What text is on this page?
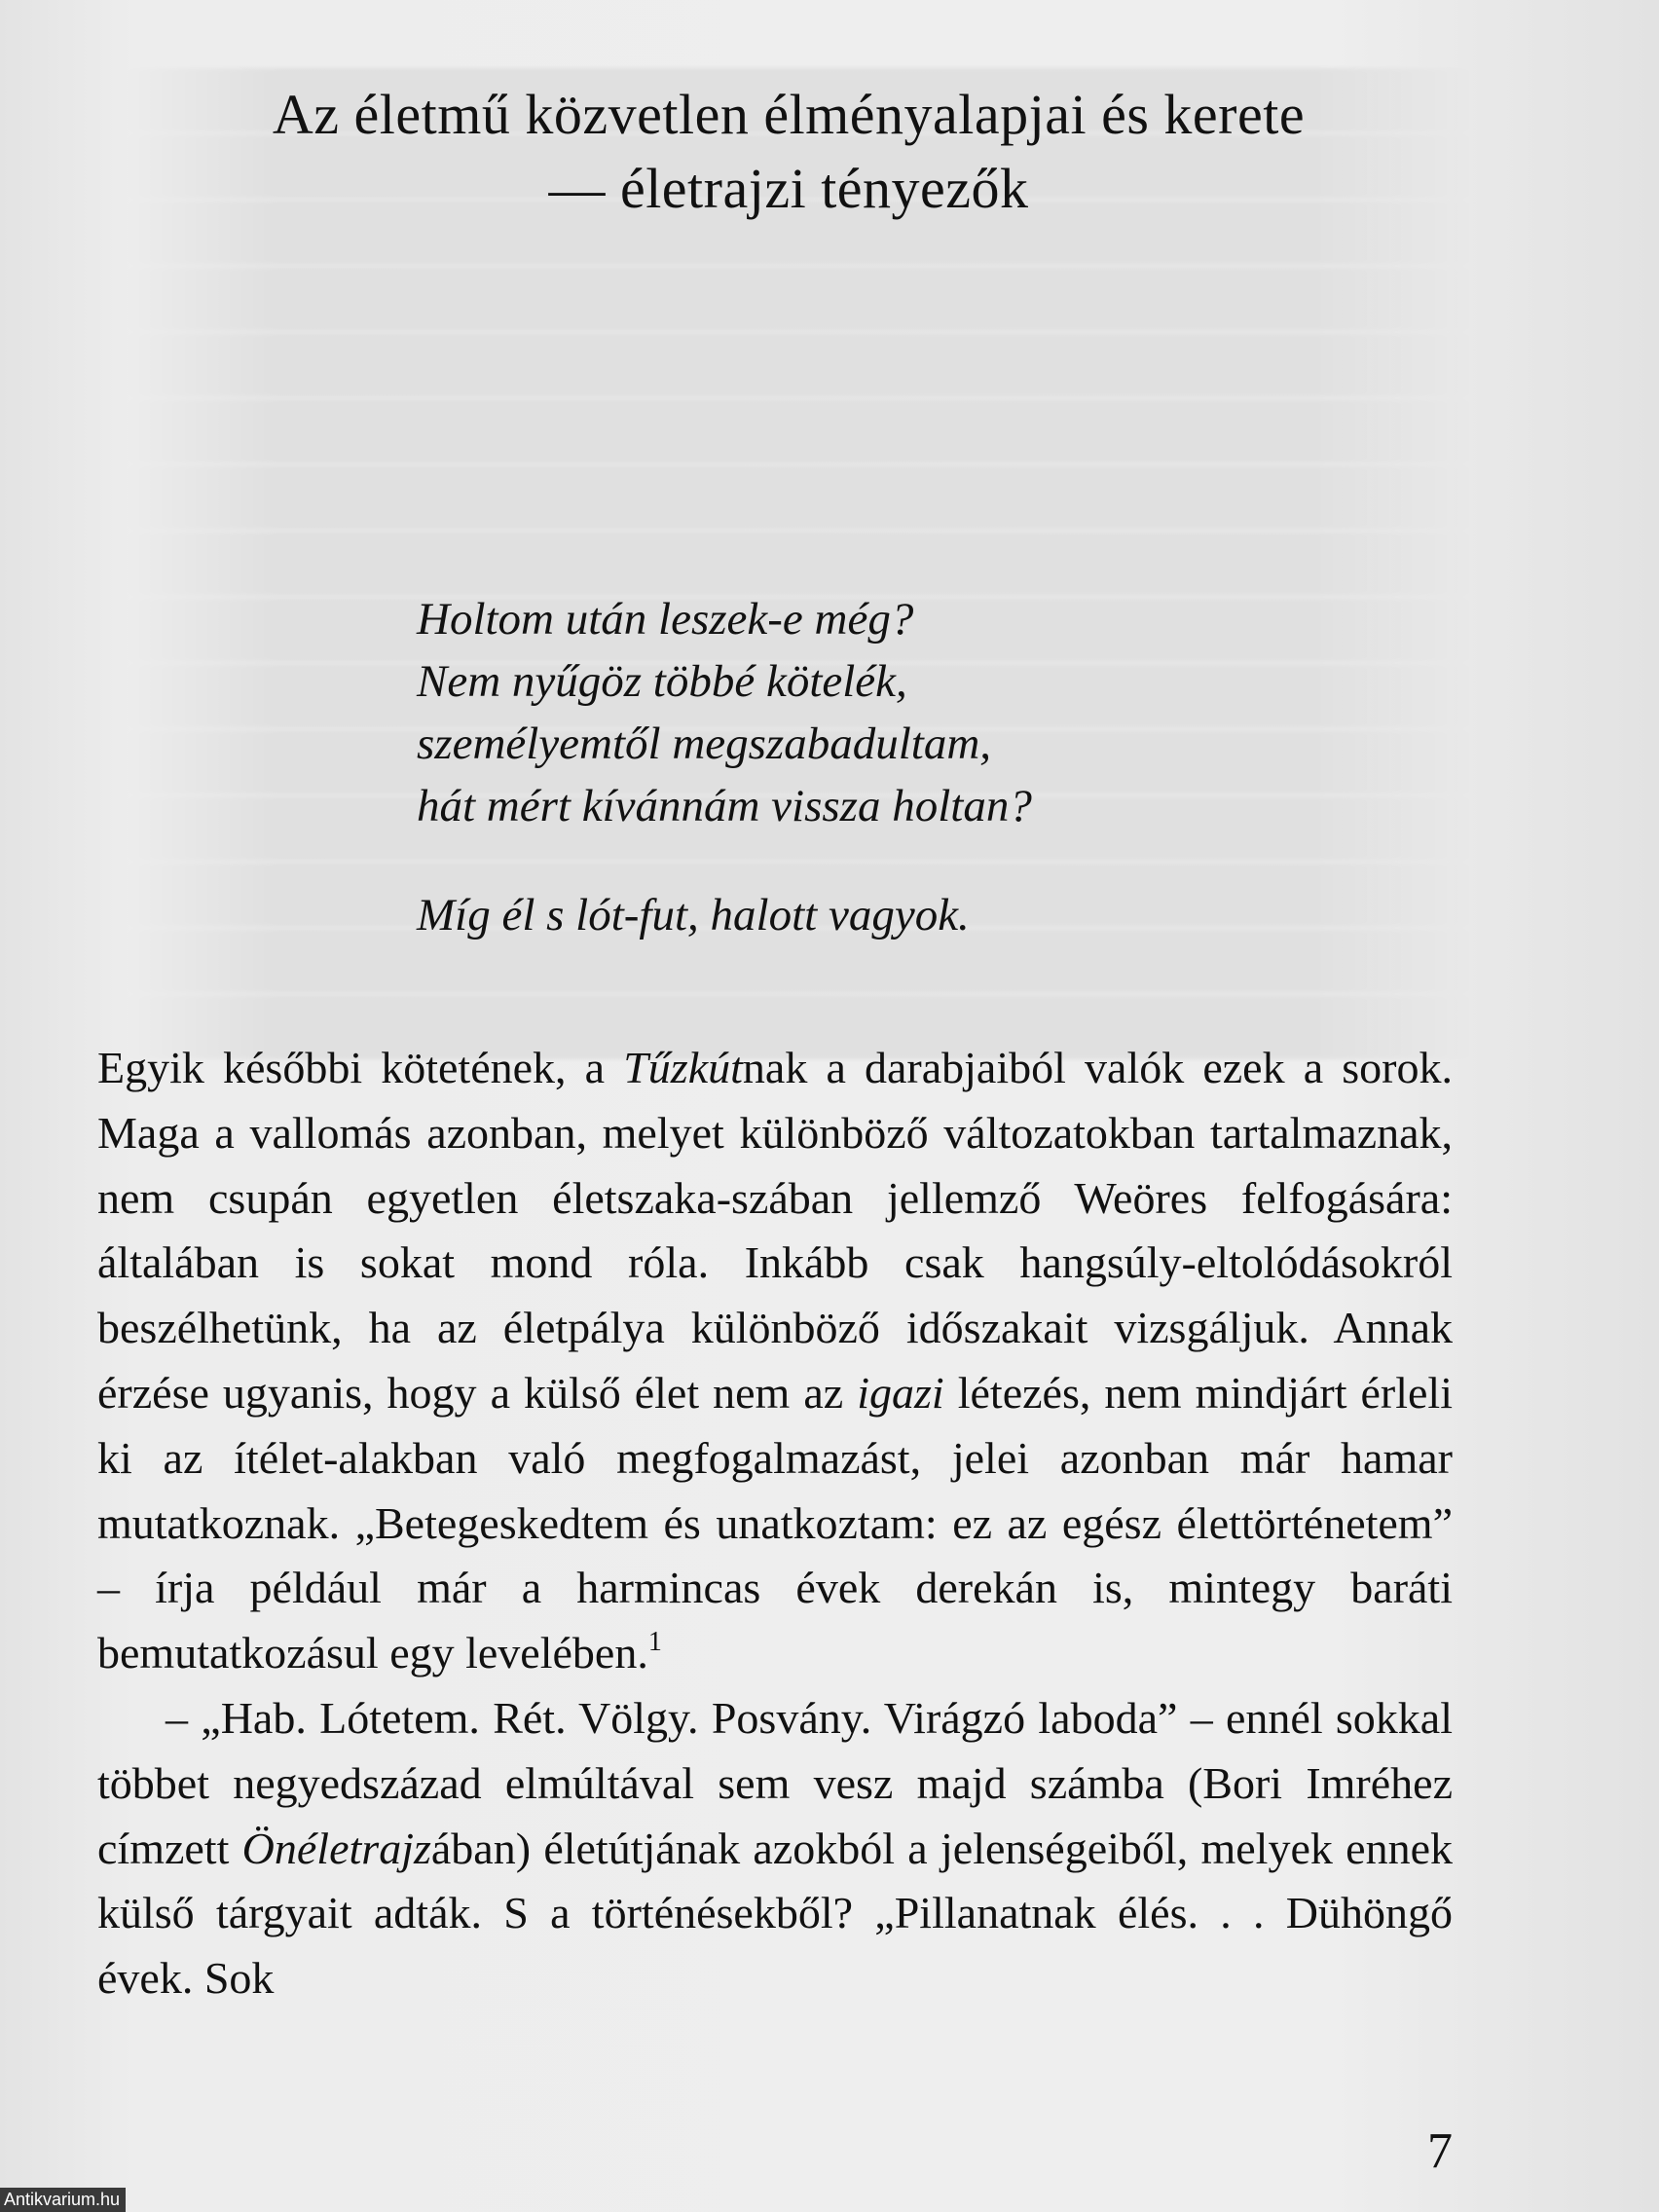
Az életmű közvetlen élményalapjai és kerete
— életrajzi tényezők
Holtom után leszek-e még?
Nem nyűgöz többé kötelék,
személyemtől megszabadultam,
hát mért kívánnám vissza holtan?
Míg él s lót-fut, halott vagyok.

Egyik későbbi kötetének, a Tűzkútnak a darabjaiból valók ezek a sorok. Maga a vallomás azonban, melyet különböző változatokban tartalmaznak, nem csupán egyetlen életszaka-szában jellemző Weöres felfogására: általában is sokat mond róla. Inkább csak hangsúly-eltolódásokról beszélhetünk, ha az életpálya különböző időszakait vizsgáljuk. Annak érzése ugyanis, hogy a külső élet nem az igazi létezés, nem mindjárt érleli ki az ítélet-alakban való megfogalmazást, jelei azonban már hamar mutatkoznak. „Betegeskedtem és unatkoztam: ez az egész élettörténetem” – írja például már a harmincas évek derekán is, mintegy baráti bemutatkozásul egy levelében.$^1$

– „Hab. Lótetem. Rét. Völgy. Posvány. Virágzó laboda” – ennél sokkal többet negyedszázad elmúltával sem vesz majd számba (Bori Imréhez címzett Önéletrajzában) életútjának azokból a jelenségeiből, melyek ennek külső tárgyait adták. S a történésekből? „Pillanatnak élés. . . Dühöngő évek. Sok

7
Antikvarium.hu
